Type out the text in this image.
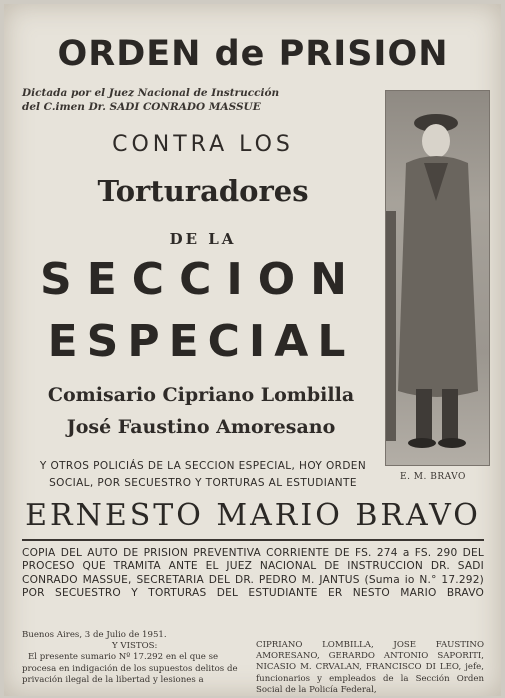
ORDEN de PRISION
Dictada por el Juez Nacional de Instrucción
del C.imen Dr. SADI CONRADO MASSUE
CONTRA LOS
Torturadores
DE LA
SECCION
ESPECIAL
Comisario Cipriano Lombilla
José Faustino Amoresano
Y OTROS POLICIÁS DE LA SECCION ESPECIAL, HOY ORDEN SOCIAL, POR SECUESTRO Y TORTURAS AL ESTUDIANTE	E. M. BRAVO
ERNESTO MARIO BRAVO
COPIA DEL AUTO DE PRISION PREVENTIVA CORRIENTE DE FS. 274 a FS. 290 DEL PROCESO QUE TRAMITA ANTE EL JUEZ NACIONAL DE INSTRUCCION DR. SADI CONRADO MASSUE, SECRETARIA DEL DR. PEDRO M. JANTUS (Suma io N.° 17.292) POR SECUESTRO Y TORTURAS DEL ESTUDIANTE ER NESTO MARIO BRAVO
Buenos Aires, 3 de Julio de 1951.
Y VISTOS:
El presente sumario Nº 17.292 en el que se procesa en indigación de los supuestos delitos de privación ilegal de la libertad y lesiones a
CIPRIANO LOMBILLA, JOSE FAUSTINO AMORESANO, GERARDO ANTONIO SAPORITI, NICASIO M. CRVALAN, FRANCISCO DI LEO, jefe, funcionarios y empleados de la Sección Orden Social de la Policía Federal,
